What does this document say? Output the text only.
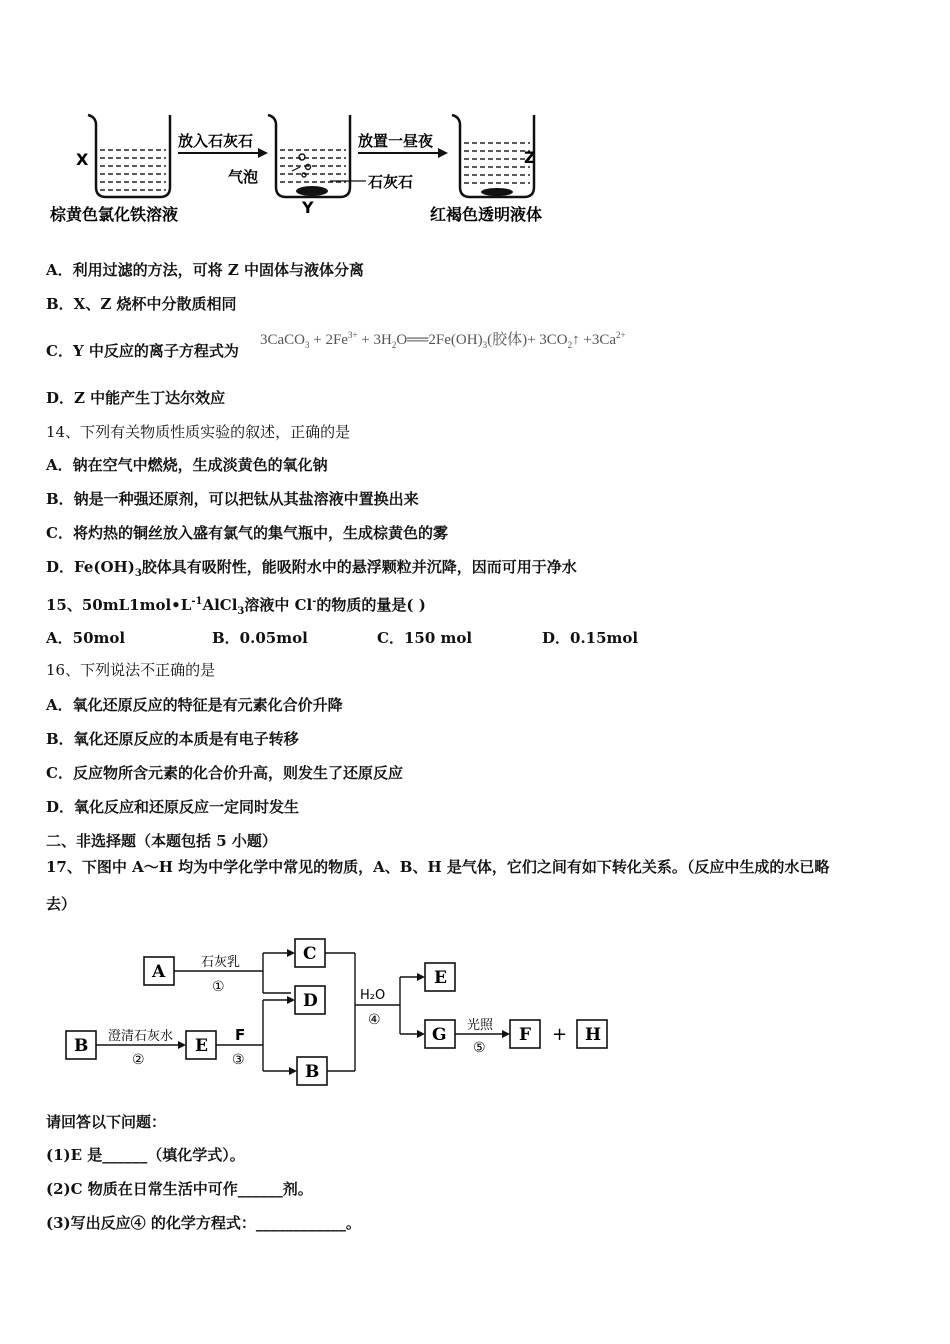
X
放入石灰石	放置一昼夜
气泡	石灰石
Y
Z
棕黄色氯化铁溶液	红褐色透明液体
A．利用过滤的方法，可将 Z 中固体与液体分离
B．X、Z 烧杯中分散质相同
C．Y 中反应的离子方程式为
3CaCO$_3$ + $2Fe^{3+}$ + $3H_2O══2Fe(OH)_3$(胶体)+ $3CO_2↑ +3Ca^{2+}$
D．Z 中能产生丁达尔效应
14、下列有关物质性质实验的叙述，正确的是
A．钠在空气中燃烧，生成淡黄色的氧化钠
B．钠是一种强还原剂，可以把钛从其盐溶液中置换出来
C．将灼热的铜丝放入盛有氯气的集气瓶中，生成棕黄色的雾
D．$Fe(OH)_3$胶体具有吸附性，能吸附水中的悬浮颗粒并沉降，因而可用于净水
15、$50mL1mol•L^{-1}AlCl_3$溶液中 Cl-的物质的量是( )
A．50mol	B．0.05mol	C．150 mol	D．0.15mol
16、下列说法不正确的是
A．氧化还原反应的特征是有元素化合价升降
B．氧化还原反应的本质是有电子转移
C．反应物所含元素的化合价升高，则发生了还原反应
D．氧化反应和还原反应一定同时发生
二、非选择题（本题包括 5 小题）
17、下图中 A～H 均为中学化学中常见的物质，A、B、H 是气体，它们之间有如下转化关系。（反应中生成的水已略
去）
A
B
C
D
E
B
E
G	F	H
+
石灰乳
①
澄清石灰水
②
F
③
H₂O
④	光照
⑤
请回答以下问题：
(1)E 是______（填化学式）。
(2)C 物质在日常生活中可作______剂。
(3)写出反应④ 的化学方程式：____________。
